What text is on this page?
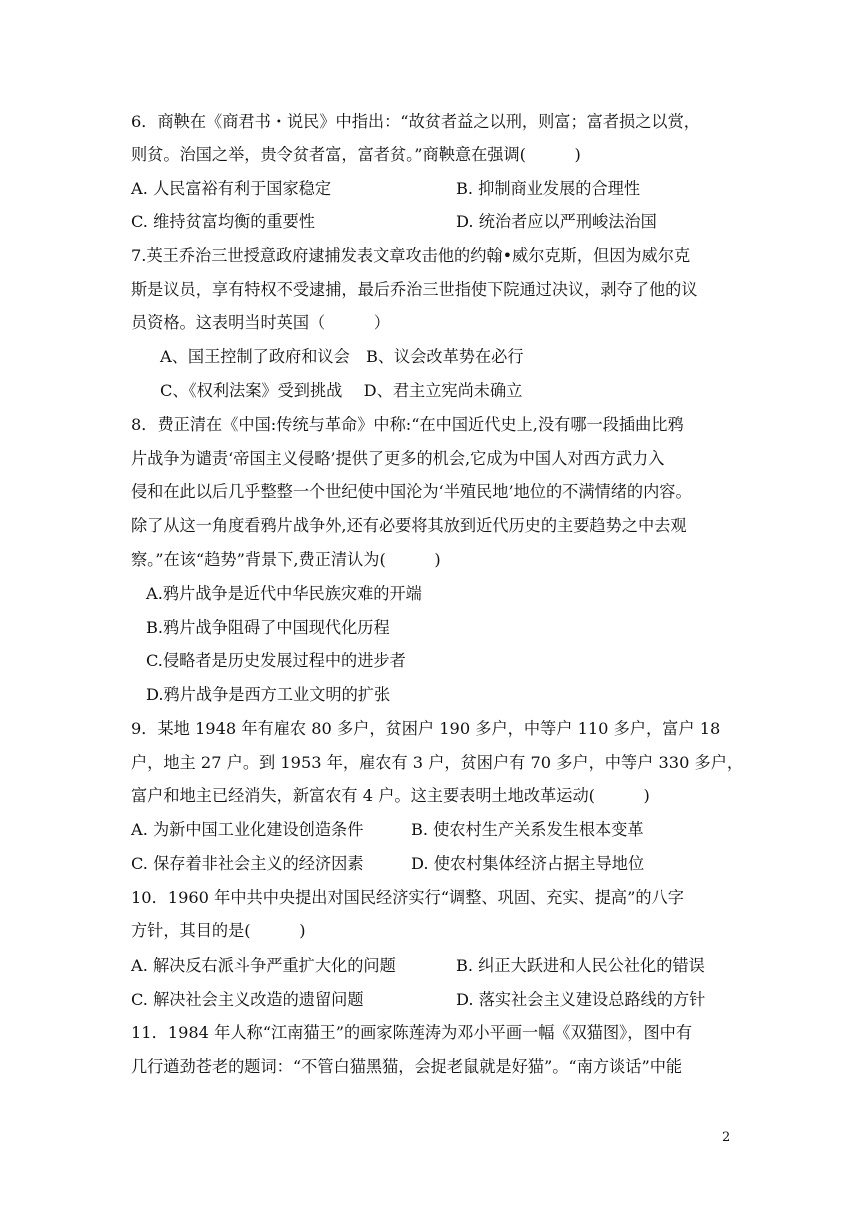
6．商鞅在《商君书・说民》中指出：“故贫者益之以刑，则富；富者损之以赏，
则贫。治国之举，贵令贫者富，富者贫。”商鞅意在强调(　　　)
A. 人民富裕有利于国家稳定	B. 抑制商业发展的合理性
C. 维持贫富均衡的重要性	D. 统治者应以严刑峻法治国
7.英王乔治三世授意政府逮捕发表文章攻击他的约翰•威尔克斯，但因为威尔克
斯是议员，享有特权不受逮捕，最后乔治三世指使下院通过决议，剥夺了他的议
员资格。这表明当时英国（　　　）
A、国王控制了政府和议会　B、议会改革势在必行
C、《权利法案》受到挑战　 D、君主立宪尚未确立
8．费正清在《中国:传统与革命》中称:“在中国近代史上,没有哪一段插曲比鸦
片战争为谴责‘帝国主义侵略’提供了更多的机会,它成为中国人对西方武力入
侵和在此以后几乎整整一个世纪使中国沦为‘半殖民地’地位的不满情绪的内容。
除了从这一角度看鸦片战争外,还有必要将其放到近代历史的主要趋势之中去观
察。”在该“趋势”背景下,费正清认为(　　　)
A.鸦片战争是近代中华民族灾难的开端
B.鸦片战争阻碍了中国现代化历程
C.侵略者是历史发展过程中的进步者
D.鸦片战争是西方工业文明的扩张
9．某地 1948 年有雇农 80 多户，贫困户 190 多户，中等户 110 多户，富户 18
户，地主 27 户。到 1953 年，雇农有 3 户，贫困户有 70 多户，中等户 330 多户，
富户和地主已经消失，新富农有 4 户。这主要表明土地改革运动(　　　)
A. 为新中国工业化建设创造条件	B. 使农村生产关系发生根本变革
C. 保存着非社会主义的经济因素	D. 使农村集体经济占据主导地位
10．1960 年中共中央提出对国民经济实行“调整、巩固、充实、提高”的八字
方针，其目的是(　　　)
A. 解决反右派斗争严重扩大化的问题	B. 纠正大跃进和人民公社化的错误
C. 解决社会主义改造的遗留问题	D. 落实社会主义建设总路线的方针
11．1984 年人称“江南猫王”的画家陈莲涛为邓小平画一幅《双猫图》，图中有
几行遒劲苍老的题词：“不管白猫黑猫，会捉老鼠就是好猫”。“南方谈话”中能
2
